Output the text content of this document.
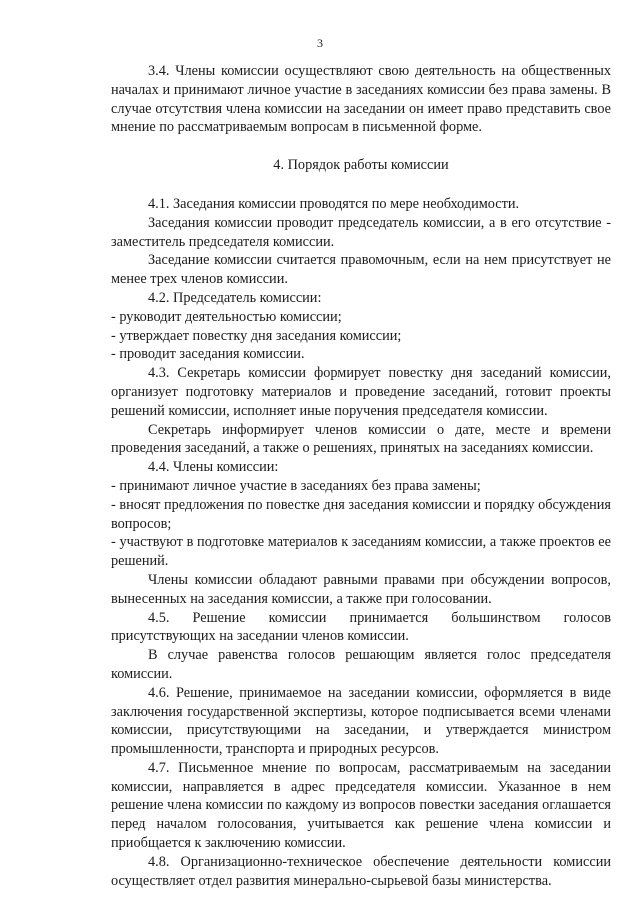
3

3.4. Члены комиссии осуществляют свою деятельность на общественных началах и принимают личное участие в заседаниях комиссии без права замены. В случае отсутствия члена комиссии на заседании он имеет право представить свое мнение по рассматриваемым вопросам в письменной форме.

4. Порядок работы комиссии

4.1. Заседания комиссии проводятся по мере необходимости.

Заседания комиссии проводит председатель комиссии, а в его отсутствие - заместитель председателя комиссии.

Заседание комиссии считается правомочным, если на нем присутствует не менее трех членов комиссии.

4.2. Председатель комиссии:

- руководит деятельностью комиссии;

- утверждает повестку дня заседания комиссии;

- проводит заседания комиссии.

4.3. Секретарь комиссии формирует повестку дня заседаний комиссии, организует подготовку материалов и проведение заседаний, готовит проекты решений комиссии, исполняет иные поручения председателя комиссии.

Секретарь информирует членов комиссии о дате, месте и времени проведения заседаний, а также о решениях, принятых на заседаниях комиссии.

4.4. Члены комиссии:

- принимают личное участие в заседаниях без права замены;

- вносят предложения по повестке дня заседания комиссии и порядку обсуждения вопросов;

- участвуют в подготовке материалов к заседаниям комиссии, а также проектов ее решений.

Члены комиссии обладают равными правами при обсуждении вопросов, вынесенных на заседания комиссии, а также при голосовании.

4.5. Решение комиссии принимается большинством голосов присутствующих на заседании членов комиссии.

В случае равенства голосов решающим является голос председателя комиссии.

4.6. Решение, принимаемое на заседании комиссии, оформляется в виде заключения государственной экспертизы, которое подписывается всеми членами комиссии, присутствующими на заседании, и утверждается министром промышленности, транспорта и природных ресурсов.

4.7. Письменное мнение по вопросам, рассматриваемым на заседании комиссии, направляется в адрес председателя комиссии. Указанное в нем решение члена комиссии по каждому из вопросов повестки заседания оглашается перед началом голосования, учитывается как решение члена комиссии и приобщается к заключению комиссии.

4.8. Организационно-техническое обеспечение деятельности комиссии осуществляет отдел развития минерально-сырьевой базы министерства.
